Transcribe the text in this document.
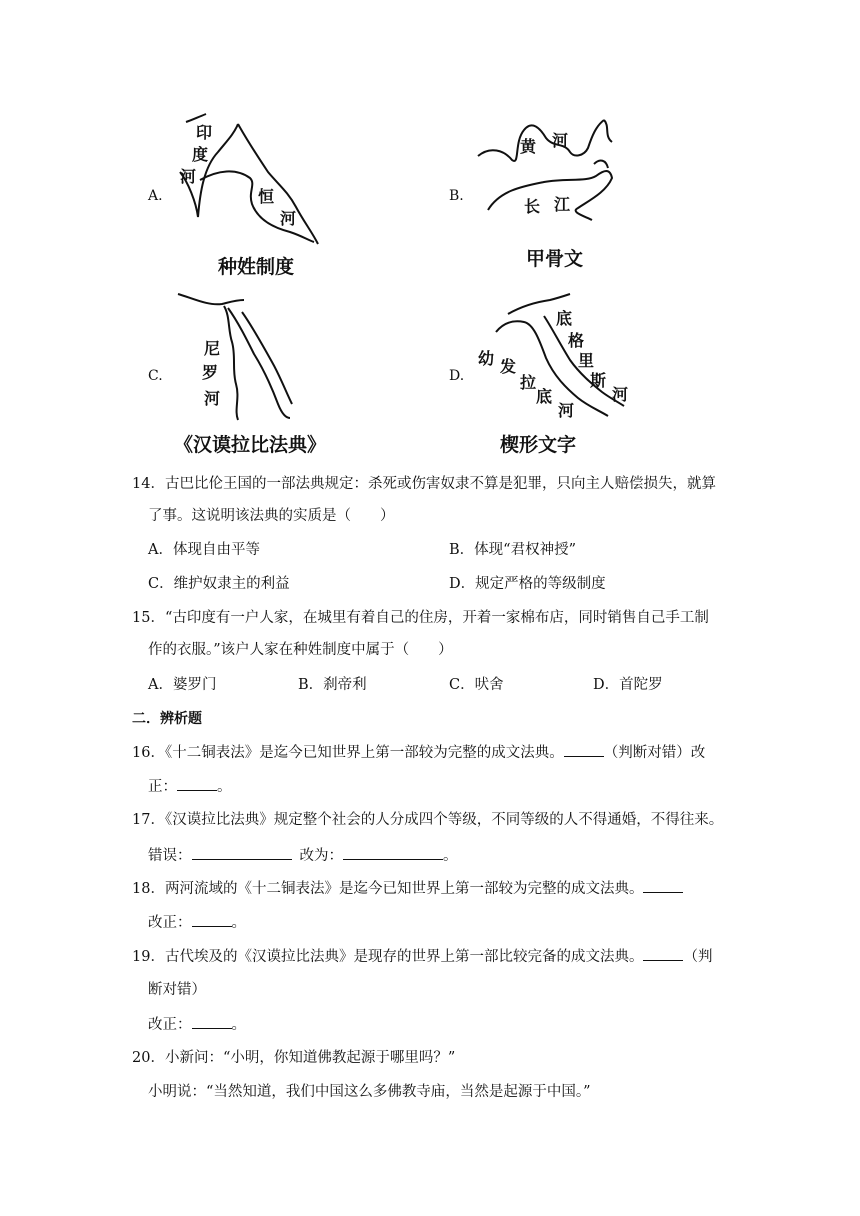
A.
印
度
河
恒
河
种姓制度
B.
黄 河
长 江
甲骨文
C.
尼
罗
河
《汉谟拉比法典》
D.
底
格
里
斯
河
幼 发
拉
底
河
楔形文字
14．古巴比伦王国的一部法典规定：杀死或伤害奴隶不算是犯罪，只向主人赔偿损失，就算
了事。这说明该法典的实质是（　　）
A．体现自由平等	B．体现“君权神授”
C．维护奴隶主的利益	D．规定严格的等级制度
15．“古印度有一户人家，在城里有着自己的住房，开着一家棉布店，同时销售自己手工制
作的衣服。”该户人家在种姓制度中属于（　　）
A．婆罗门	B．刹帝利	C．吠舍	D．首陀罗
二．辨析题
16．《十二铜表法》是迄今已知世界上第一部较为完整的成文法典。	（判断对错）改
正：	。
17．《汉谟拉比法典》规定整个社会的人分成四个等级，不同等级的人不得通婚，不得往来。
错误：	改为：	。
18．两河流域的《十二铜表法》是迄今已知世界上第一部较为完整的成文法典。
改正：	。
19．古代埃及的《汉谟拉比法典》是现存的世界上第一部比较完备的成文法典。	（判
断对错）
改正：	。
20．小新问：“小明，你知道佛教起源于哪里吗？”
小明说：“当然知道，我们中国这么多佛教寺庙，当然是起源于中国。”
